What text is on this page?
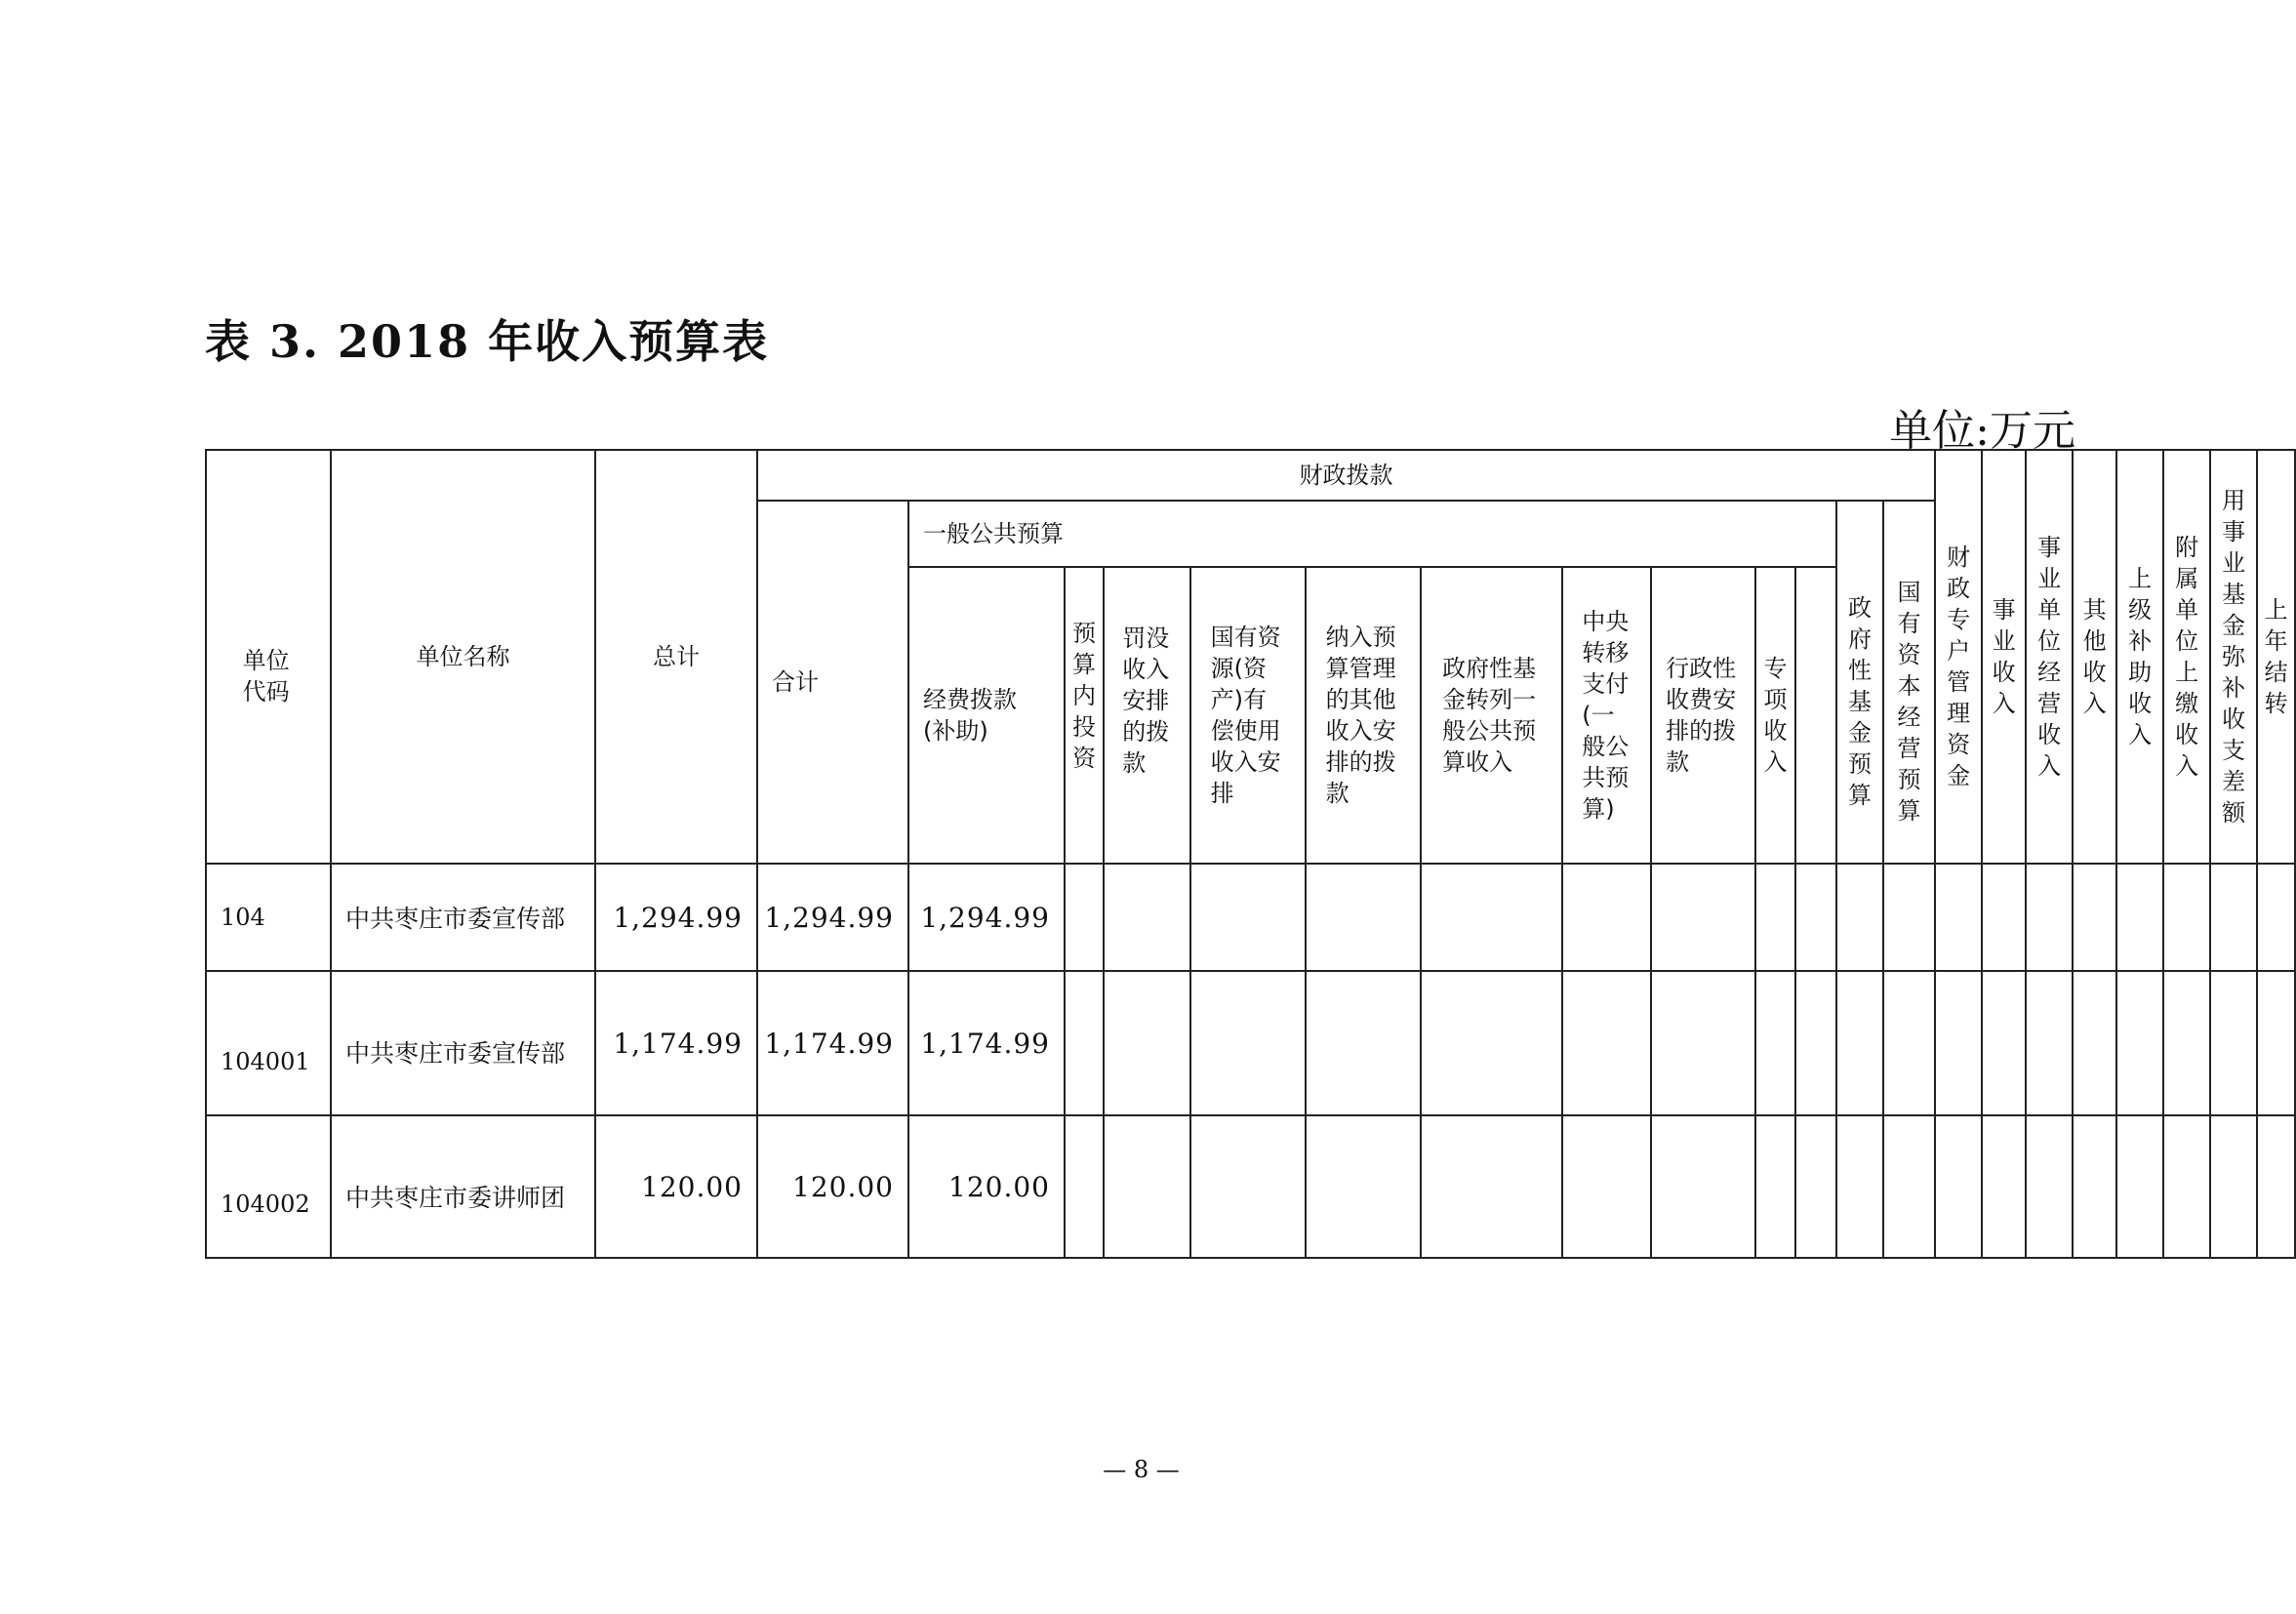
表 3. 2018 年收入预算表
单位:万元
单位代码	单位名称	总计	财政拨款													财政专户管理资金	事业收入	事业单位经营收入	其他收入	上级补助收入	附属单位上缴收入	用事业基金弥补收支差额	上年结转

			合计	一般公共预算										政府性基金预算	国有资本经营预算								

				经费拨款(补助)	预算内投资	罚没收入安排的拨款	国有资源(资产)有偿使用收入安排	纳入预算管理的其他收入安排的拨款	政府性基金转列一般公共预算收入	中央转移支付(一般公共预算)	行政性收费安排的拨款	专项收入											

104	中共枣庄市委宣传部	1,294.99	1,294.99	1,294.99																			
104001	中共枣庄市委宣传部	1,174.99	1,174.99	1,174.99																			
104002	中共枣庄市委讲师团	120.00	120.00	120.00																			
— 8 —
